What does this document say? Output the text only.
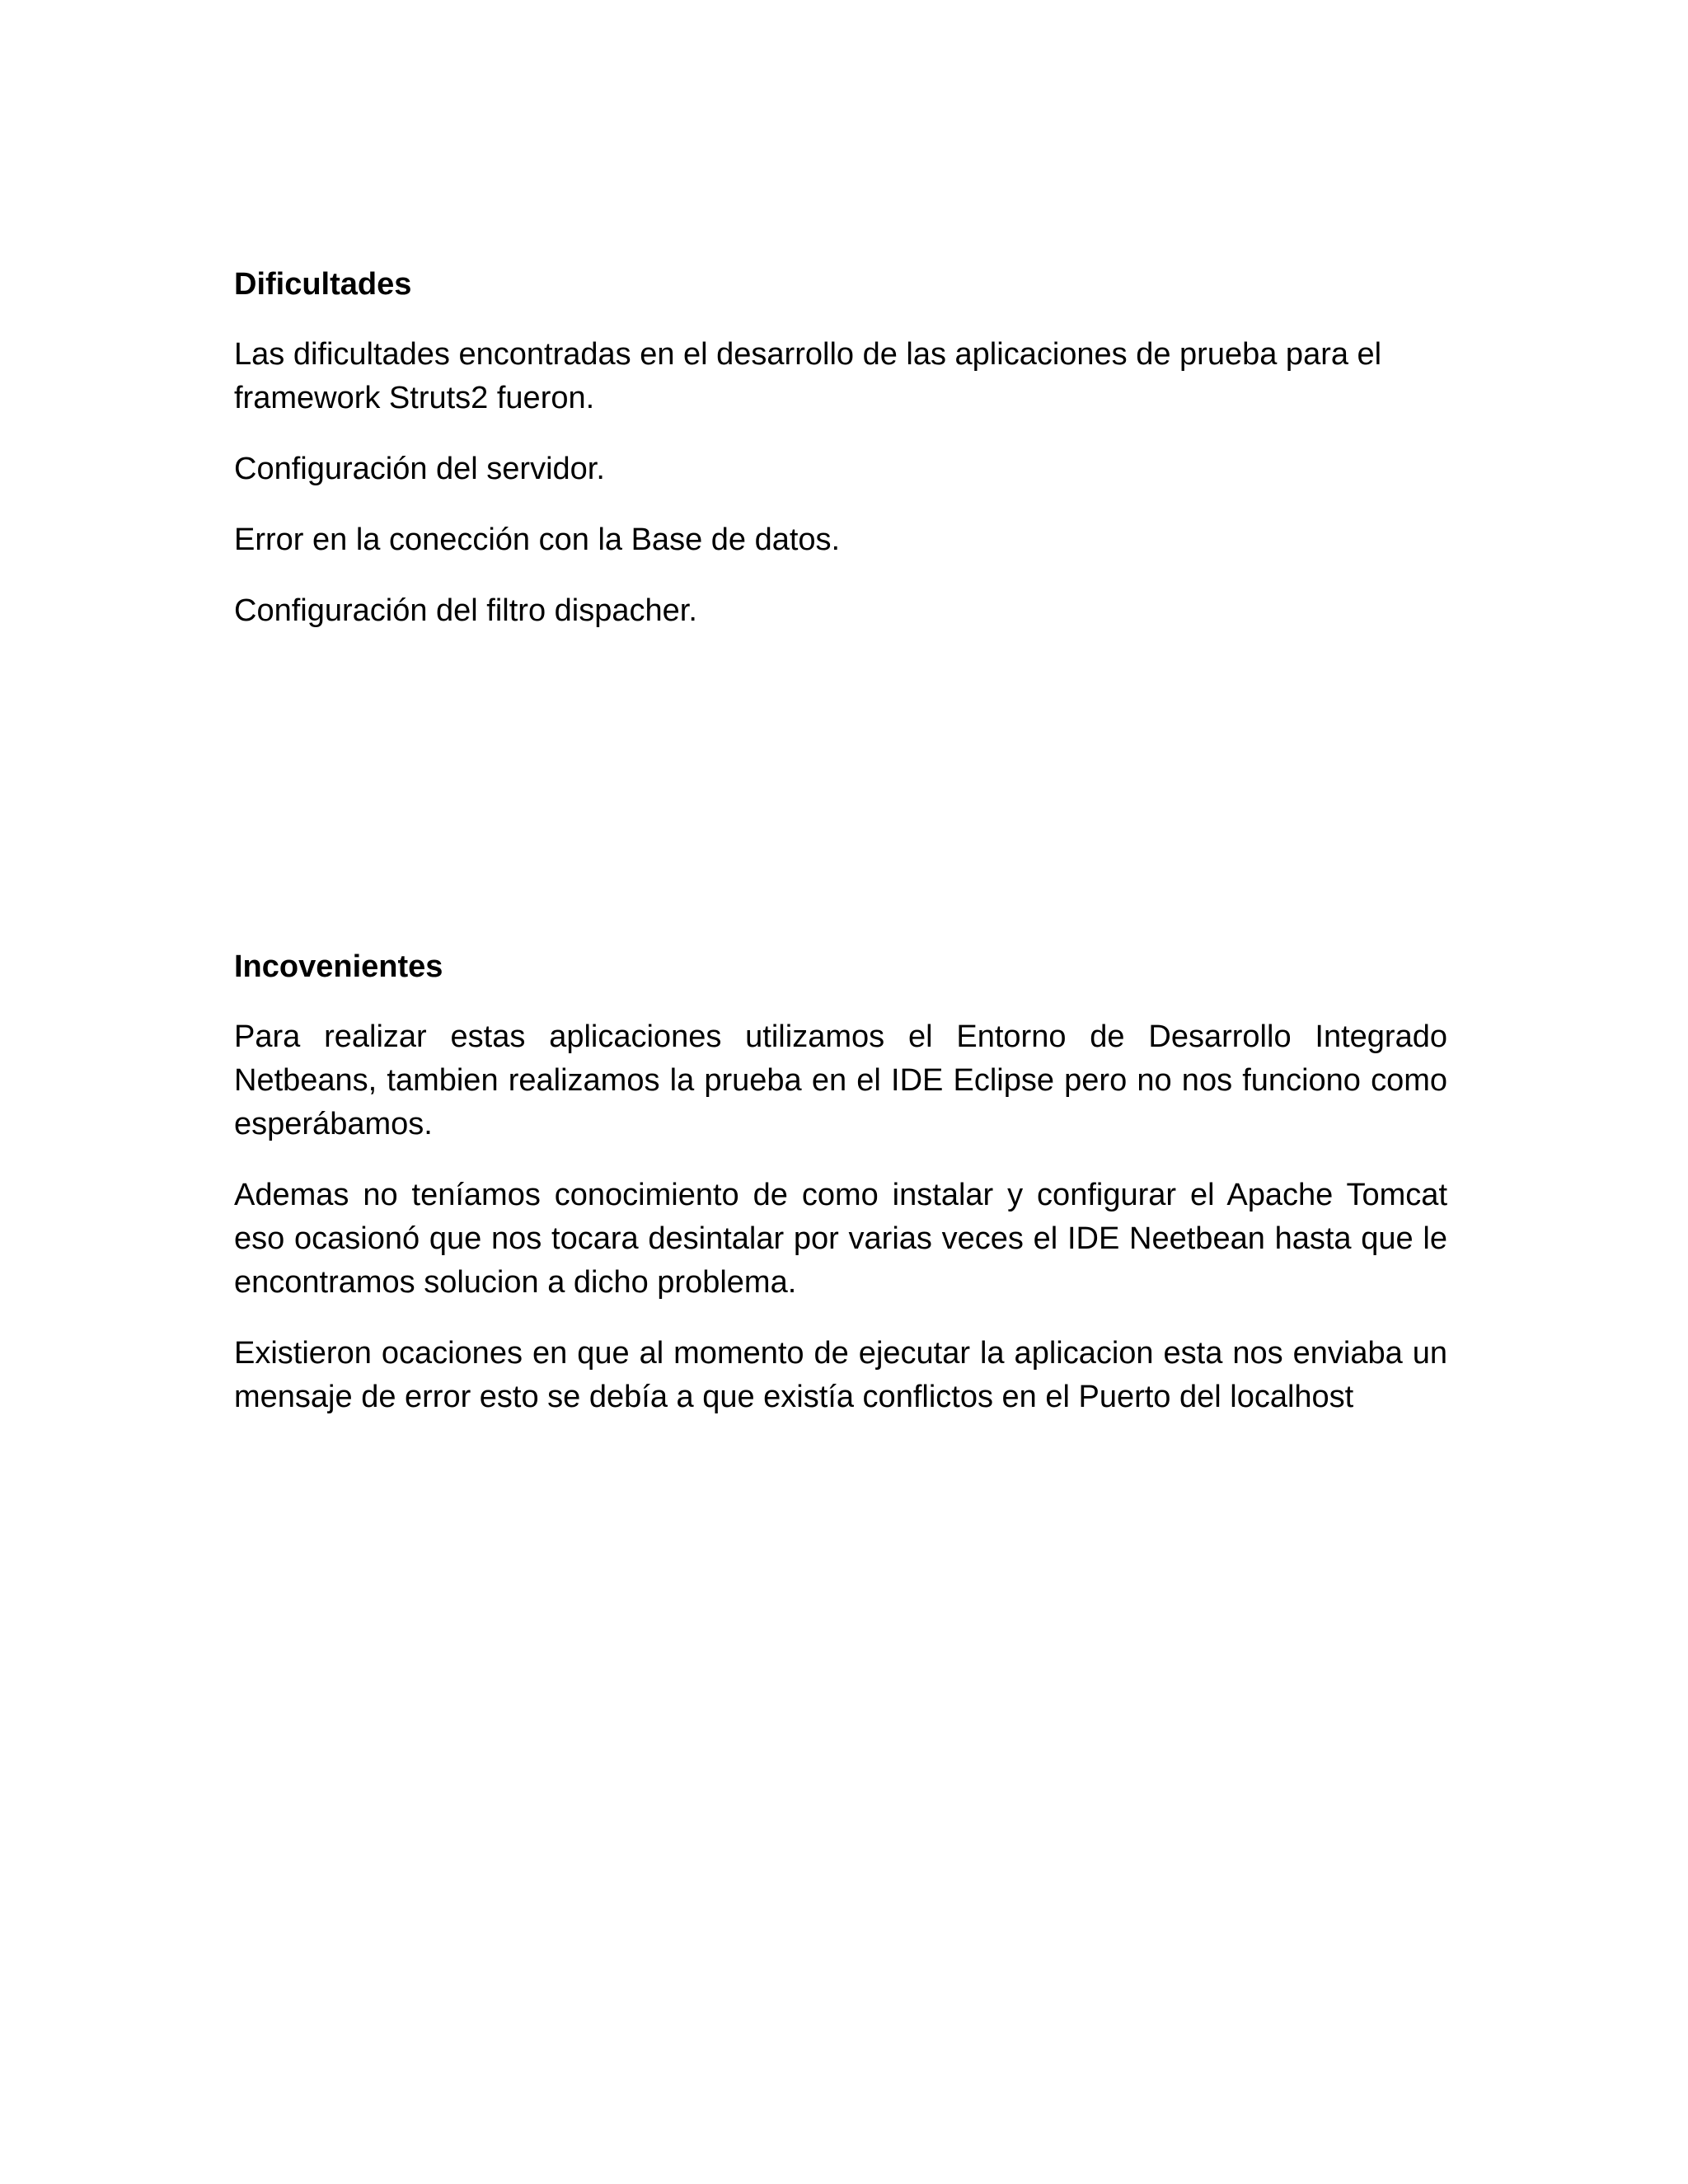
Dificultades

Las dificultades encontradas en el desarrollo de las aplicaciones de prueba para el framework Struts2 fueron.

Configuración del servidor.

Error en la conección con la Base de datos.

Configuración del filtro dispacher.

Incovenientes

Para realizar estas aplicaciones utilizamos el Entorno de Desarrollo Integrado Netbeans, tambien realizamos la prueba en el IDE Eclipse pero no nos funciono como esperábamos.

Ademas no teníamos conocimiento de como instalar y configurar el Apache Tomcat eso ocasionó que nos tocara desintalar por varias veces el IDE Neetbean hasta que le encontramos solucion a dicho problema.

Existieron ocaciones en que al momento de ejecutar la aplicacion esta nos enviaba un mensaje de error esto se debía a que existía conflictos en el Puerto del localhost
